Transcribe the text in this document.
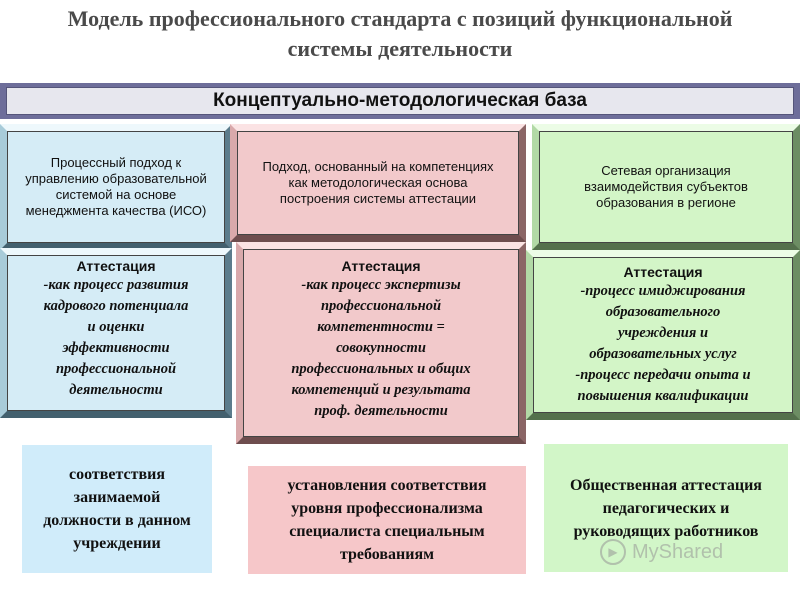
Модель профессионального стандарта с позиций функциональной
системы деятельности
Концептуально-методологическая база
Процессный подход к управлению образовательной системой на основе менеджмента качества (ИСО)
Аттестация
-как процесс развития
кадрового потенциала
и оценки
эффективности
профессиональной
деятельности
Подход, основанный на компетенциях как методологическая основа построения системы аттестации
Аттестация
-как процесс экспертизы
профессиональной
компетентности =
совокупности
профессиональных и общих
компетенций и результата
проф. деятельности
Сетевая организация взаимодействия субъектов образования в регионе
Аттестация
-процесс имиджирования
образовательного
учреждения и
образовательных услуг
-процесс передачи опыта и
повышения квалификации
соответствия занимаемой должности в данном учреждении
установления соответствия уровня профессионализма специалиста специальным требованиям
Общественная аттестация педагогических и руководящих работников
▶ MyShared
